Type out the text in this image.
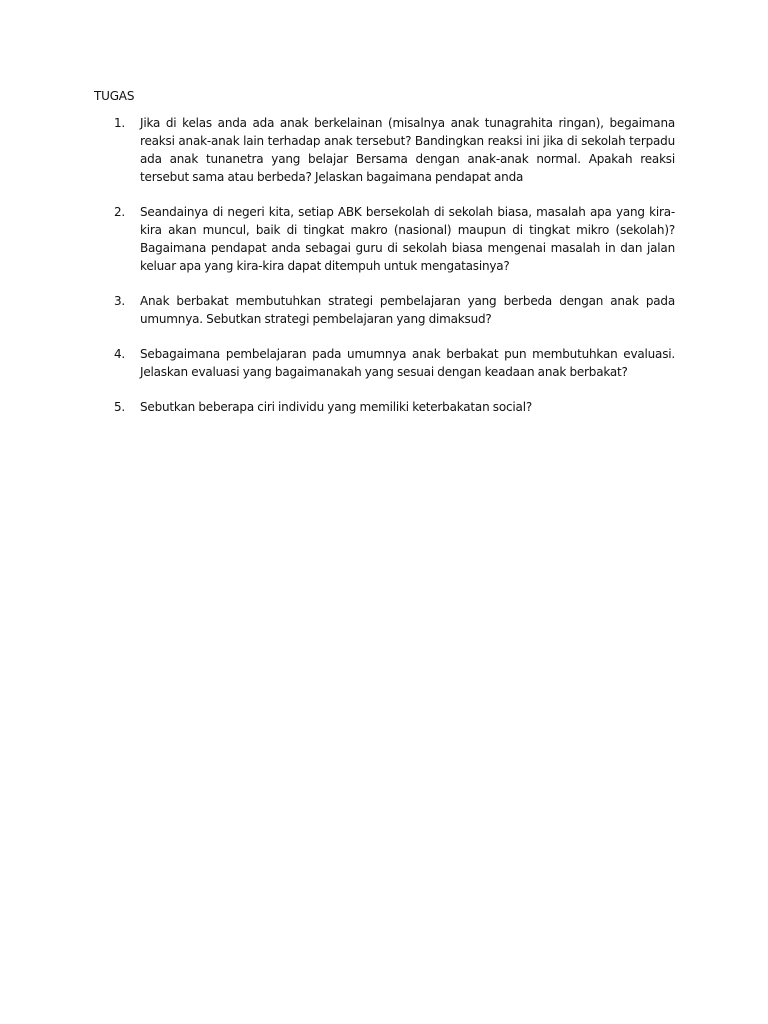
TUGAS
1. Jika di kelas anda ada anak berkelainan (misalnya anak tunagrahita ringan), begaimana reaksi anak-anak lain terhadap anak tersebut? Bandingkan reaksi ini jika di sekolah terpadu ada anak tunanetra yang belajar Bersama dengan anak-anak normal. Apakah reaksi tersebut sama atau berbeda? Jelaskan bagaimana pendapat anda
2. Seandainya di negeri kita, setiap ABK bersekolah di sekolah biasa, masalah apa yang kira-kira akan muncul, baik di tingkat makro (nasional) maupun di tingkat mikro (sekolah)? Bagaimana pendapat anda sebagai guru di sekolah biasa mengenai masalah in dan jalan keluar apa yang kira-kira dapat ditempuh untuk mengatasinya?
3. Anak berbakat membutuhkan strategi pembelajaran yang berbeda dengan anak pada umumnya. Sebutkan strategi pembelajaran yang dimaksud?
4. Sebagaimana pembelajaran pada umumnya anak berbakat pun membutuhkan evaluasi. Jelaskan evaluasi yang bagaimanakah yang sesuai dengan keadaan anak berbakat?
5. Sebutkan beberapa ciri individu yang memiliki keterbakatan social?
